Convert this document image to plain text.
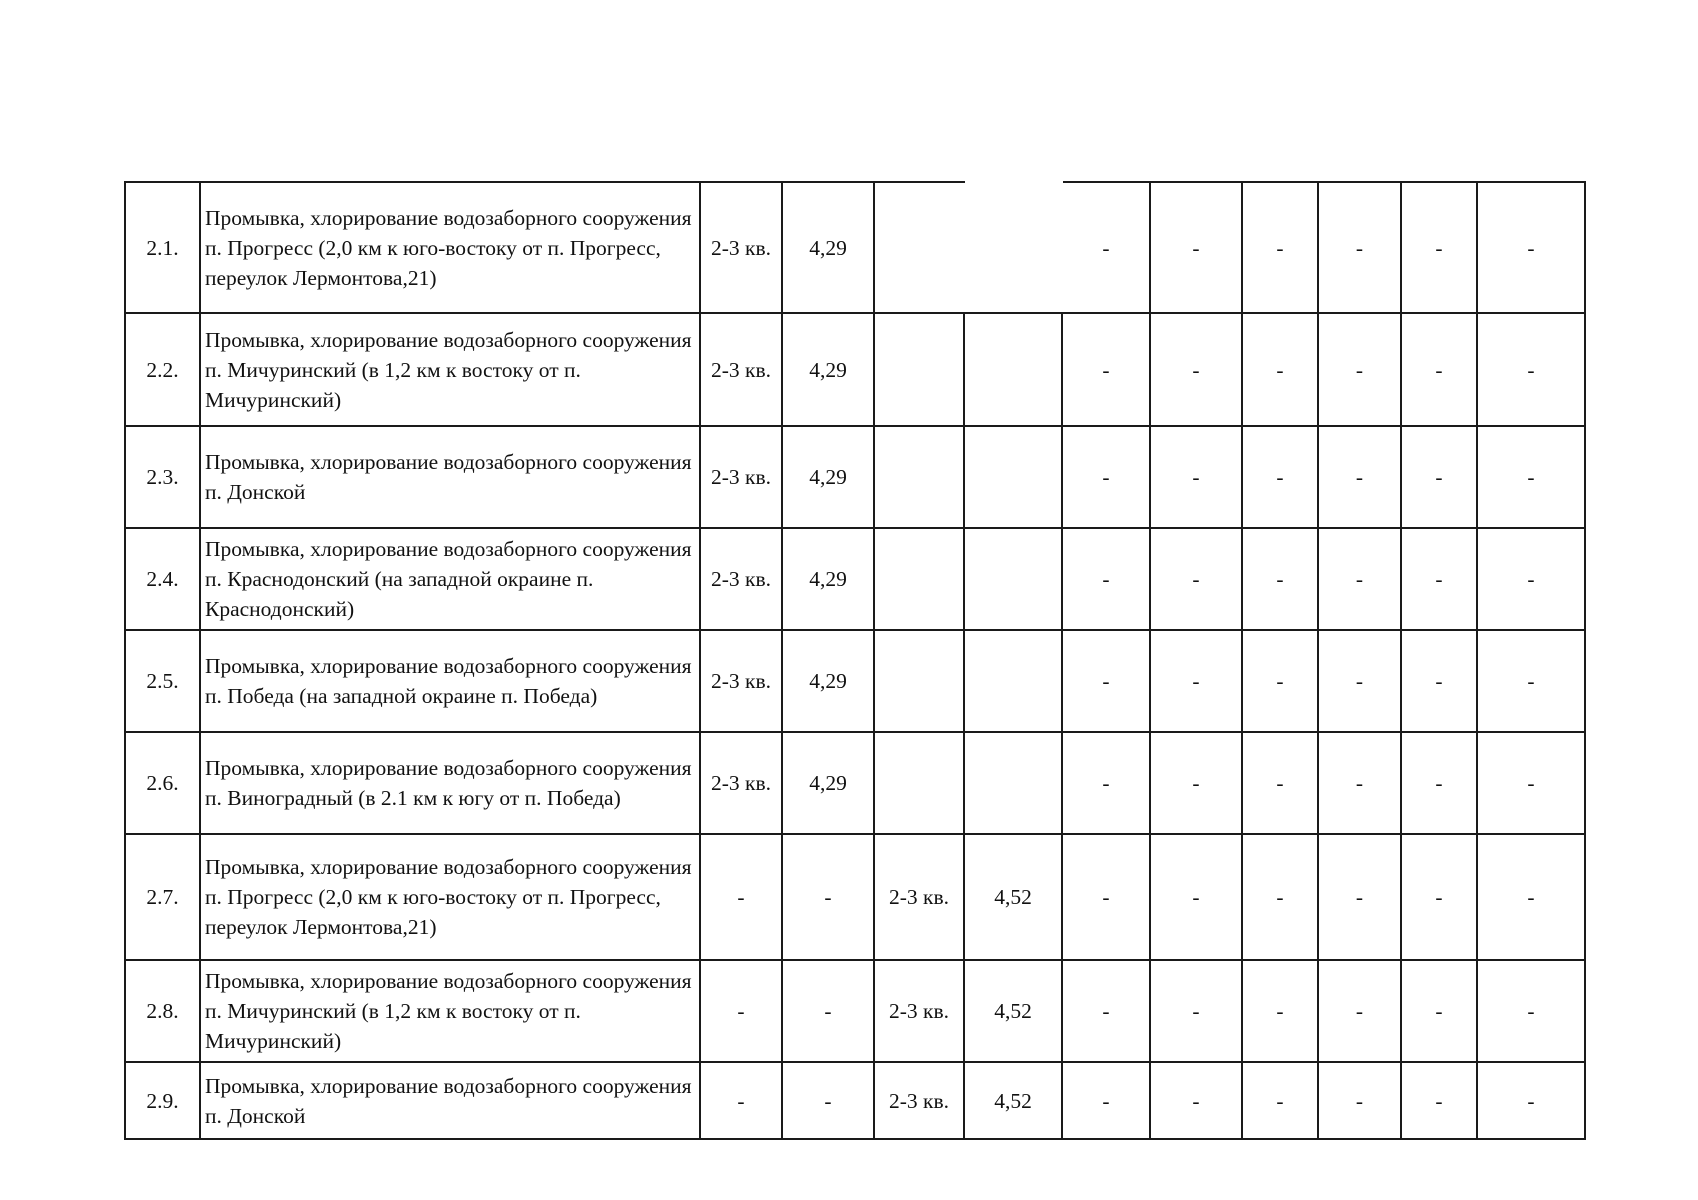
2.1.	Промывка, хлорирование водозаборного сооружения п. Прогресс (2,0 км к юго-востоку от п. Прогресс, переулок Лермонтова,21)	2-3 кв.	4,29			-	-	-	-	-	-
2.2.	Промывка, хлорирование водозаборного сооружения п. Мичуринский (в 1,2 км к востоку от п. Мичуринский)	2-3 кв.	4,29			-	-	-	-	-	-
2.3.	Промывка, хлорирование водозаборного сооружения п. Донской	2-3 кв.	4,29			-	-	-	-	-	-
2.4.	Промывка, хлорирование водозаборного сооружения п. Краснодонский (на западной окраине п. Краснодонский)	2-3 кв.	4,29			-	-	-	-	-	-
2.5.	Промывка, хлорирование водозаборного сооружения п. Победа (на западной окраине п. Победа)	2-3 кв.	4,29			-	-	-	-	-	-
2.6.	Промывка, хлорирование водозаборного сооружения п. Виноградный (в 2.1 км к югу от п. Победа)	2-3 кв.	4,29			-	-	-	-	-	-
2.7.	Промывка, хлорирование водозаборного сооружения п. Прогресс (2,0 км к юго-востоку от п. Прогресс, переулок Лермонтова,21)	-	-	2-3 кв.	4,52	-	-	-	-	-	-
2.8.	Промывка, хлорирование водозаборного сооружения п. Мичуринский (в 1,2 км к востоку от п. Мичуринский)	-	-	2-3 кв.	4,52	-	-	-	-	-	-
2.9.	Промывка, хлорирование водозаборного сооружения п. Донской	-	-	2-3 кв.	4,52	-	-	-	-	-	-
